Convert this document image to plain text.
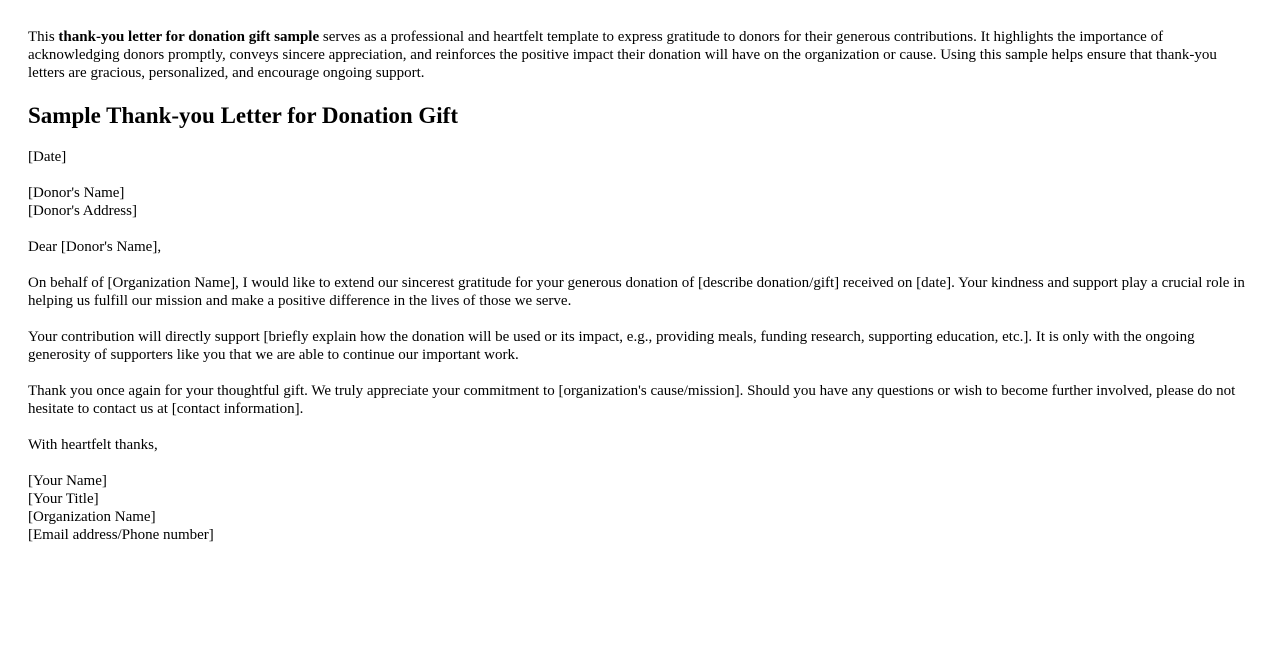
This thank-you letter for donation gift sample serves as a professional and heartfelt template to express gratitude to donors for their generous contributions. It highlights the importance of acknowledging donors promptly, conveys sincere appreciation, and reinforces the positive impact their donation will have on the organization or cause. Using this sample helps ensure that thank-you letters are gracious, personalized, and encourage ongoing support.

Sample Thank-you Letter for Donation Gift

[Date]

[Donor's Name]
[Donor's Address]

Dear [Donor's Name],

On behalf of [Organization Name], I would like to extend our sincerest gratitude for your generous donation of [describe donation/gift] received on [date]. Your kindness and support play a crucial role in helping us fulfill our mission and make a positive difference in the lives of those we serve.

Your contribution will directly support [briefly explain how the donation will be used or its impact, e.g., providing meals, funding research, supporting education, etc.]. It is only with the ongoing generosity of supporters like you that we are able to continue our important work.

Thank you once again for your thoughtful gift. We truly appreciate your commitment to [organization's cause/mission]. Should you have any questions or wish to become further involved, please do not hesitate to contact us at [contact information].

With heartfelt thanks,

[Your Name]
[Your Title]
[Organization Name]
[Email address/Phone number]
